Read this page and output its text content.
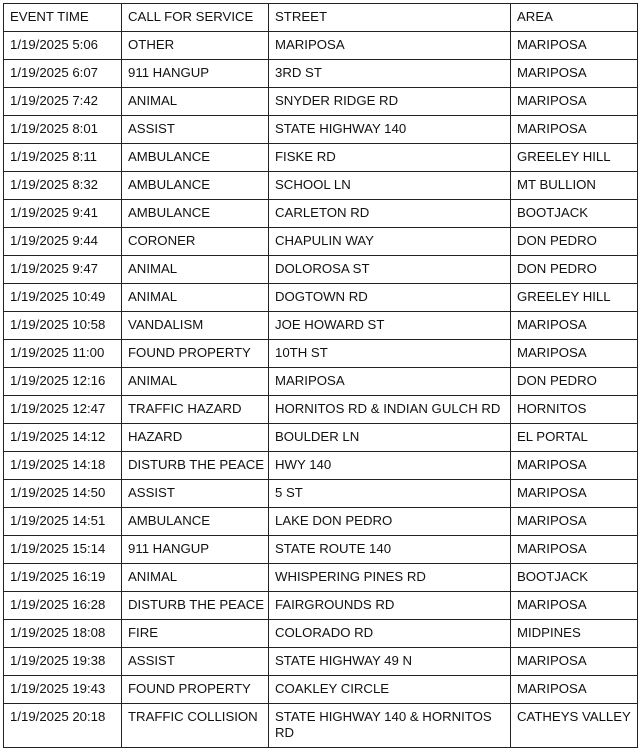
EVENT TIME	CALL FOR SERVICE	STREET	AREA
1/19/2025 5:06	OTHER	MARIPOSA	MARIPOSA
1/19/2025 6:07	911 HANGUP	3RD ST	MARIPOSA
1/19/2025 7:42	ANIMAL	SNYDER RIDGE RD	MARIPOSA
1/19/2025 8:01	ASSIST	STATE HIGHWAY 140	MARIPOSA
1/19/2025 8:11	AMBULANCE	FISKE RD	GREELEY HILL
1/19/2025 8:32	AMBULANCE	SCHOOL LN	MT BULLION
1/19/2025 9:41	AMBULANCE	CARLETON RD	BOOTJACK
1/19/2025 9:44	CORONER	CHAPULIN WAY	DON PEDRO
1/19/2025 9:47	ANIMAL	DOLOROSA ST	DON PEDRO
1/19/2025 10:49	ANIMAL	DOGTOWN RD	GREELEY HILL
1/19/2025 10:58	VANDALISM	JOE HOWARD ST	MARIPOSA
1/19/2025 11:00	FOUND PROPERTY	10TH ST	MARIPOSA
1/19/2025 12:16	ANIMAL	MARIPOSA	DON PEDRO
1/19/2025 12:47	TRAFFIC HAZARD	HORNITOS RD & INDIAN GULCH RD	HORNITOS
1/19/2025 14:12	HAZARD	BOULDER LN	EL PORTAL
1/19/2025 14:18	DISTURB THE PEACE	HWY 140	MARIPOSA
1/19/2025 14:50	ASSIST	5 ST	MARIPOSA
1/19/2025 14:51	AMBULANCE	LAKE DON PEDRO	MARIPOSA
1/19/2025 15:14	911 HANGUP	STATE ROUTE 140	MARIPOSA
1/19/2025 16:19	ANIMAL	WHISPERING PINES RD	BOOTJACK
1/19/2025 16:28	DISTURB THE PEACE	FAIRGROUNDS RD	MARIPOSA
1/19/2025 18:08	FIRE	COLORADO RD	MIDPINES
1/19/2025 19:38	ASSIST	STATE HIGHWAY 49 N	MARIPOSA
1/19/2025 19:43	FOUND PROPERTY	COAKLEY CIRCLE	MARIPOSA
1/19/2025 20:18	TRAFFIC COLLISION	STATE HIGHWAY 140 & HORNITOS RD	CATHEYS VALLEY
